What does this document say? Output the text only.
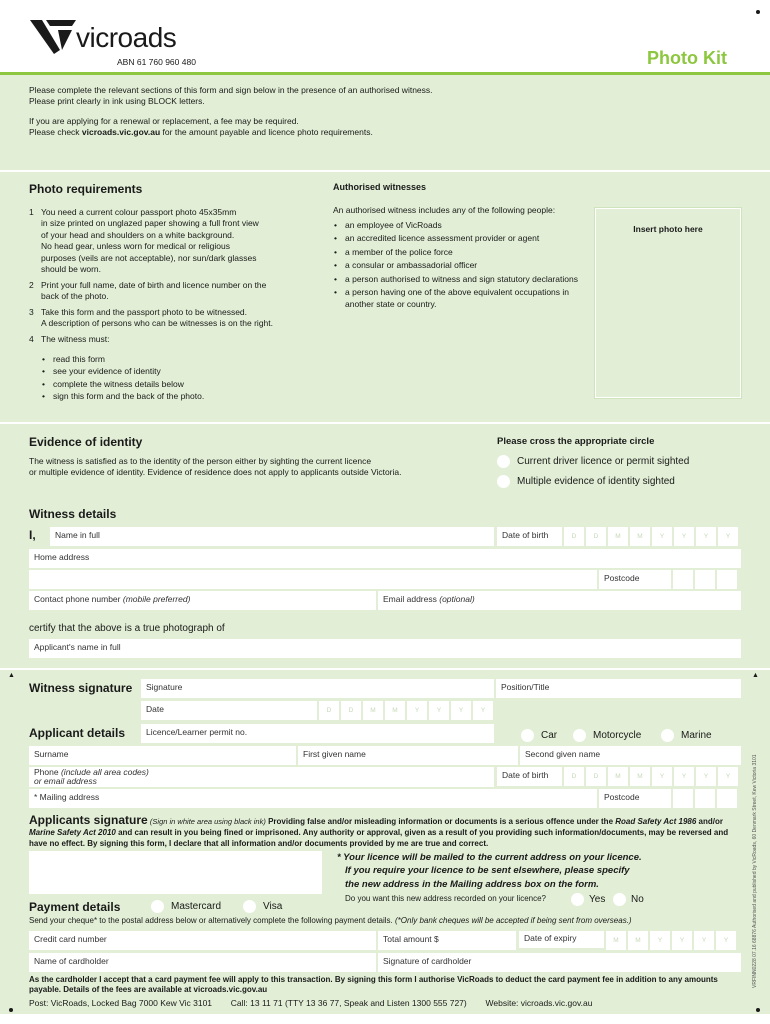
vicroads
ABN 61 760 960 480	Photo Kit
Please complete the relevant sections of this form and sign below in the presence of an authorised witness.
Please print clearly in ink using BLOCK letters.
If you are applying for a renewal or replacement, a fee may be required.
Please check vicroads.vic.gov.au for the amount payable and licence photo requirements.
Photo requirements
1 You need a current colour passport photo 45x35mm
in size printed on unglazed paper showing a full front view
of your head and shoulders on a white background.
No head gear, unless worn for medical or religious
purposes (veils are not acceptable), nor sun/dark glasses
should be worn.
2 Print your full name, date of birth and licence number on the
back of the photo.
3 Take this form and the passport photo to be witnessed.
A description of persons who can be witnesses is on the right.
4 The witness must:
• read this form
• see your evidence of identity
• complete the witness details below
• sign this form and the back of the photo.
Authorised witnesses
An authorised witness includes any of the following people:
• an employee of VicRoads
• an accredited licence assessment provider or agent
• a member of the police force
• a consular or ambassadorial officer
• a person authorised to witness and sign statutory declarations
• a person having one of the above equivalent occupations in another state or country.
Insert photo here
Evidence of identity
The witness is satisfied as to the identity of the person either by sighting the current licence
or multiple evidence of identity. Evidence of residence does not apply to applicants outside Victoria.
Please cross the appropriate circle
Current driver licence or permit sighted
Multiple evidence of identity sighted
Witness details
I,	Name in full	Date of birth	D	D	M	M	Y	Y	Y	Y
Home address
Postcode
Contact phone number (mobile preferred)	Email address (optional)
certify that the above is a true photograph of
Applicant's name in full
▲	▲
Witness signature	Signature	Position/Title
Date	D	D	M	M	Y	Y	Y	Y
Applicant details	Licence/Learner permit no.	Car	Motorcycle	Marine
Surname	First given name	Second given name
Phone (include all area codes)
or email address
Date of birth	D	D	M	M	Y	Y	Y	Y
* Mailing address	Postcode
Applicants signature (Sign in white area using black ink) Providing false and/or misleading information or documents is a serious offence under the Road Safety Act 1986 and/or Marine Safety Act 2010 and can result in you being fined or imprisoned. Any authority or approval, given as a result of you providing such information/documents, may be reversed and have no effect. By signing this form, I declare that all information and/or documents provided by me are true and correct.
* Your licence will be mailed to the current address on your licence.
If you require your licence to be sent elsewhere, please specify
the new address in the Mailing address box on the form.
Do you want this new address recorded on your licence?	Yes	No
Payment details	Mastercard	Visa
Send your cheque* to the postal address below or alternatively complete the following payment details. (*Only bank cheques will be accepted if being sent from overseas.)
Credit card number	Total amount $	Date of expiry	M	M	Y	Y	Y	Y
Name of cardholder	Signature of cardholder
As the cardholder I accept that a card payment fee will apply to this transaction. By signing this form I authorise VicRoads to deduct the card payment fee in addition to any amounts payable. Details of the fees are available at vicroads.vic.gov.au
Post: VicRoads, Locked Bag 7000 Kew Vic 3101 Call: 13 11 71 (TTY 13 36 77, Speak and Listen 1300 555 727) Website: vicroads.vic.gov.au
VRFINN0228 07.16 68876 Authorised and published by VicRoads, 60 Denmark Street, Kew Victoria 3101
